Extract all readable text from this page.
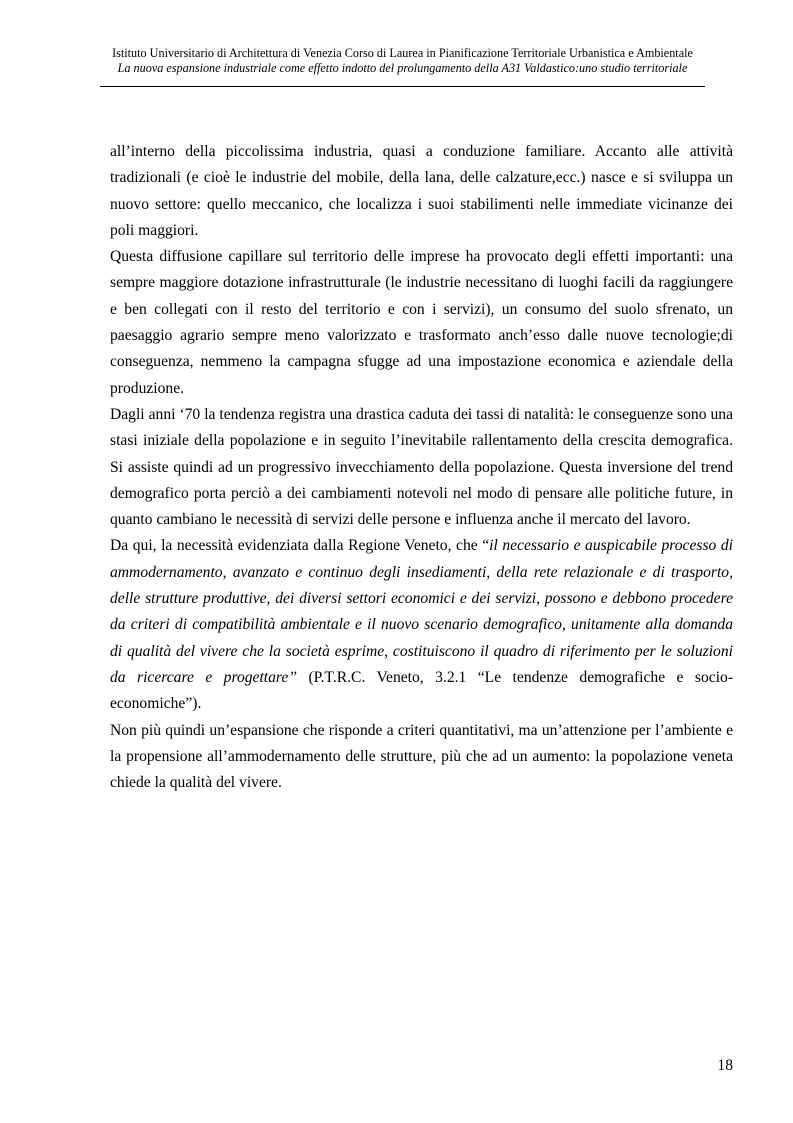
Istituto Universitario di Architettura di Venezia Corso di Laurea in Pianificazione Territoriale Urbanistica e Ambientale
La nuova espansione industriale come effetto indotto del prolungamento della A31 Valdastico:uno studio territoriale

all’interno della piccolissima industria, quasi a conduzione familiare. Accanto alle attività tradizionali (e cioè le industrie del mobile, della lana, delle calzature,ecc.) nasce e si sviluppa un nuovo settore: quello meccanico, che localizza i suoi stabilimenti nelle immediate vicinanze dei poli maggiori.

Questa diffusione capillare sul territorio delle imprese ha provocato degli effetti importanti: una sempre maggiore dotazione infrastrutturale (le industrie necessitano di luoghi facili da raggiungere e ben collegati con il resto del territorio e con i servizi), un consumo del suolo sfrenato, un paesaggio agrario sempre meno valorizzato e trasformato anch’esso dalle nuove tecnologie;di conseguenza, nemmeno la campagna sfugge ad una impostazione economica e aziendale della produzione.

Dagli anni ‘70 la tendenza registra una drastica caduta dei tassi di natalità: le conseguenze sono una stasi iniziale della popolazione e in seguito l’inevitabile rallentamento della crescita demografica. Si assiste quindi ad un progressivo invecchiamento della popolazione. Questa inversione del trend demografico porta perciò a dei cambiamenti notevoli nel modo di pensare alle politiche future, in quanto cambiano le necessità di servizi delle persone e influenza anche il mercato del lavoro.

Da qui, la necessità evidenziata dalla Regione Veneto, che “il necessario e auspicabile processo di ammodernamento, avanzato e continuo degli insediamenti, della rete relazionale e di trasporto, delle strutture produttive, dei diversi settori economici e dei servizi, possono e debbono procedere da criteri di compatibilità ambientale e il nuovo scenario demografico, unitamente alla domanda di qualità del vivere che la società esprime, costituiscono il quadro di riferimento per le soluzioni da ricercare e progettare” (P.T.R.C. Veneto, 3.2.1 “Le tendenze demografiche e socio-economiche”).

Non più quindi un’espansione che risponde a criteri quantitativi, ma un’attenzione per l’ambiente e la propensione all’ammodernamento delle strutture, più che ad un aumento: la popolazione veneta chiede la qualità del vivere.

18
